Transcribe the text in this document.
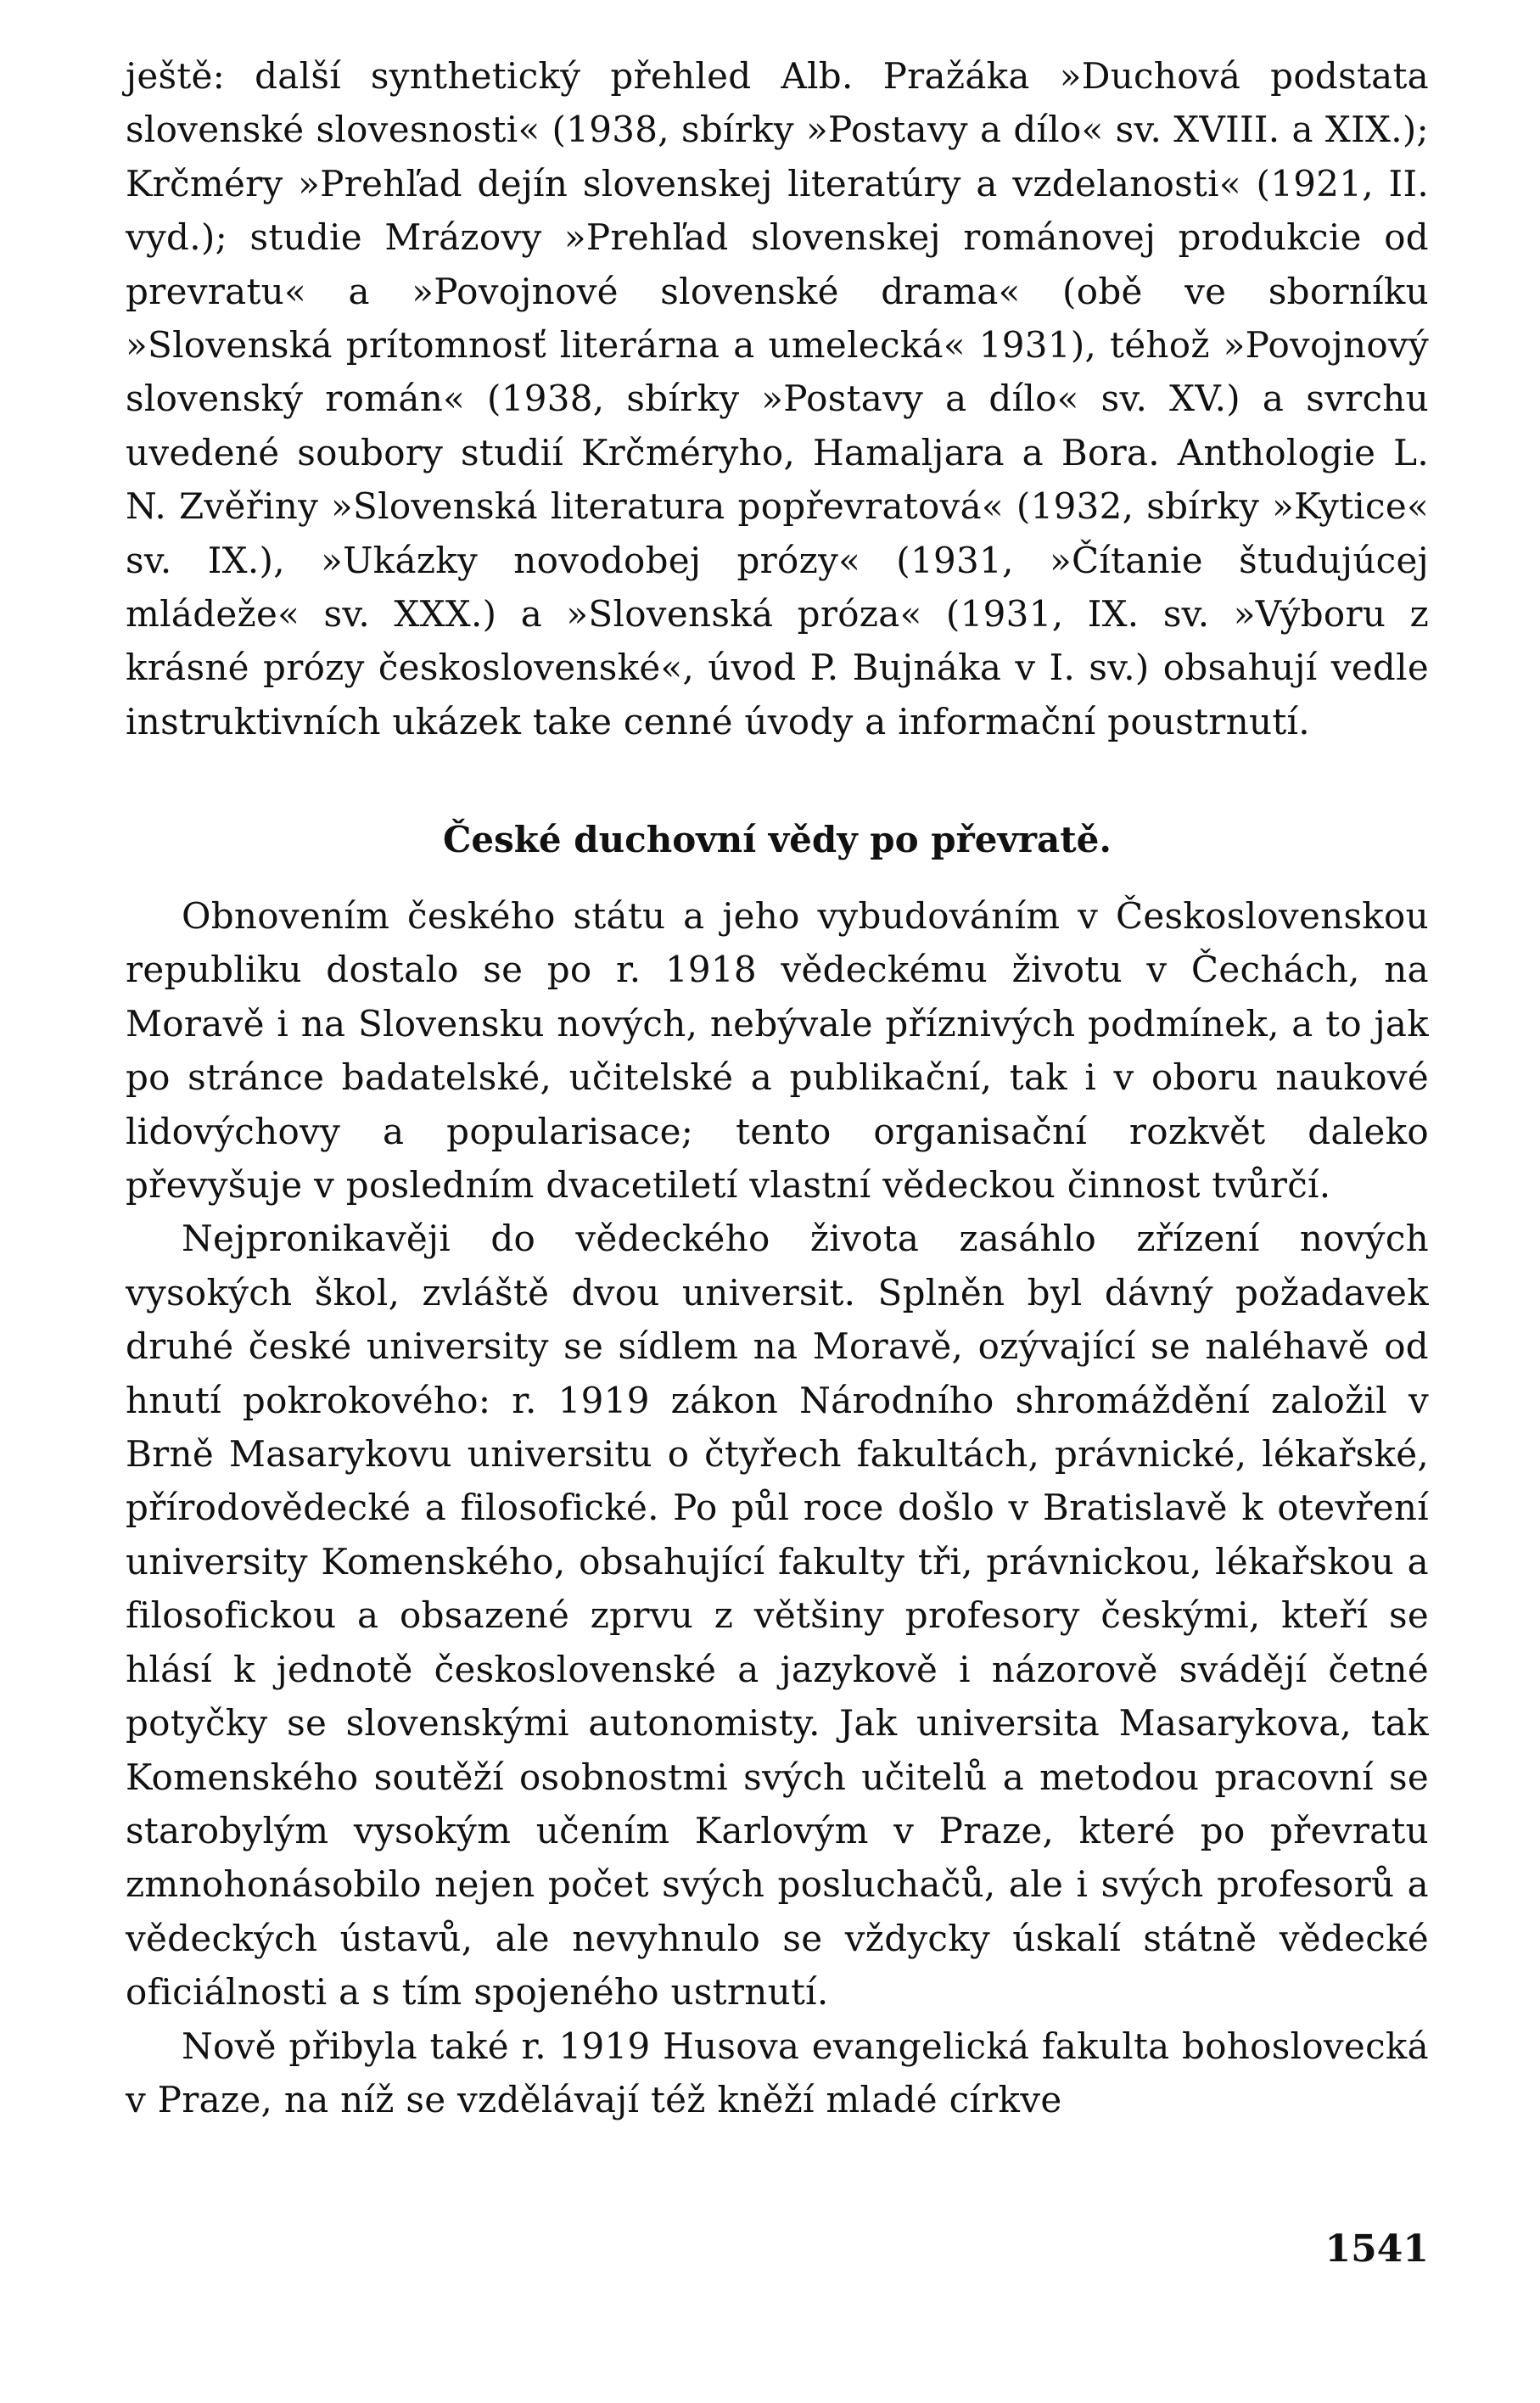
ještě: další synthetický přehled Alb. Pražáka »Duchová podstata slovenské slovesnosti« (1938, sbírky »Postavy a dílo« sv. XVIII. a XIX.); Krčméry »Prehľad dejín slovenskej literatúry a vzdelanosti« (1921, II. vyd.); studie Mrázovy »Prehľad slovenskej románovej produkcie od prevratu« a »Povojnové slovenské drama« (obě ve sborníku »Slovenská prítomnosť literárna a umelecká« 1931), téhož »Povojnový slovenský román« (1938, sbírky »Postavy a dílo« sv. XV.) a svrchu uvedené soubory studií Krčméryho, Hamaljara a Bora. Anthologie L. N. Zvěřiny »Slovenská literatura popřevratová« (1932, sbírky »Kytice« sv. IX.), »Ukázky novodobej prózy« (1931, »Čítanie študujúcej mládeže« sv. XXX.) a »Slovenská próza« (1931, IX. sv. »Výboru z krásné prózy československé«, úvod P. Bujnáka v I. sv.) obsahují vedle instruktivních ukázek take cenné úvody a informační poustrnutí.
České duchovní vědy po převratě.

Obnovením českého státu a jeho vybudováním v Československou republiku dostalo se po r. 1918 vědeckému životu v Čechách, na Moravě i na Slovensku nových, nebývale příznivých podmínek, a to jak po stránce badatelské, učitelské a publikační, tak i v oboru naukové lidovýchovy a popularisace; tento organisační rozkvět daleko převyšuje v posledním dvacetiletí vlastní vědeckou činnost tvůrčí.

Nejpronikavěji do vědeckého života zasáhlo zřízení nových vysokých škol, zvláště dvou universit. Splněn byl dávný požadavek druhé české university se sídlem na Moravě, ozývající se naléhavě od hnutí pokrokového: r. 1919 zákon Národního shromáždění založil v Brně Masarykovu universitu o čtyřech fakultách, právnické, lékařské, přírodovědecké a filosofické. Po půl roce došlo v Bratislavě k otevření university Komenského, obsahující fakulty tři, právnickou, lékařskou a filosofickou a obsazené zprvu z většiny profesory českými, kteří se hlásí k jednotě československé a jazykově i názorově svádějí četné potyčky se slovenskými autonomisty. Jak universita Masarykova, tak Komenského soutěží osobnostmi svých učitelů a metodou pracovní se starobylým vysokým učením Karlovým v Praze, které po převratu zmnohonásobilo nejen počet svých posluchačů, ale i svých profesorů a vědeckých ústavů, ale nevyhnulo se vždycky úskalí státně vědecké oficiálnosti a s tím spojeného ustrnutí.

Nově přibyla také r. 1919 Husova evangelická fakulta bohoslovecká v Praze, na níž se vzdělávají též kněží mladé církve

1541
